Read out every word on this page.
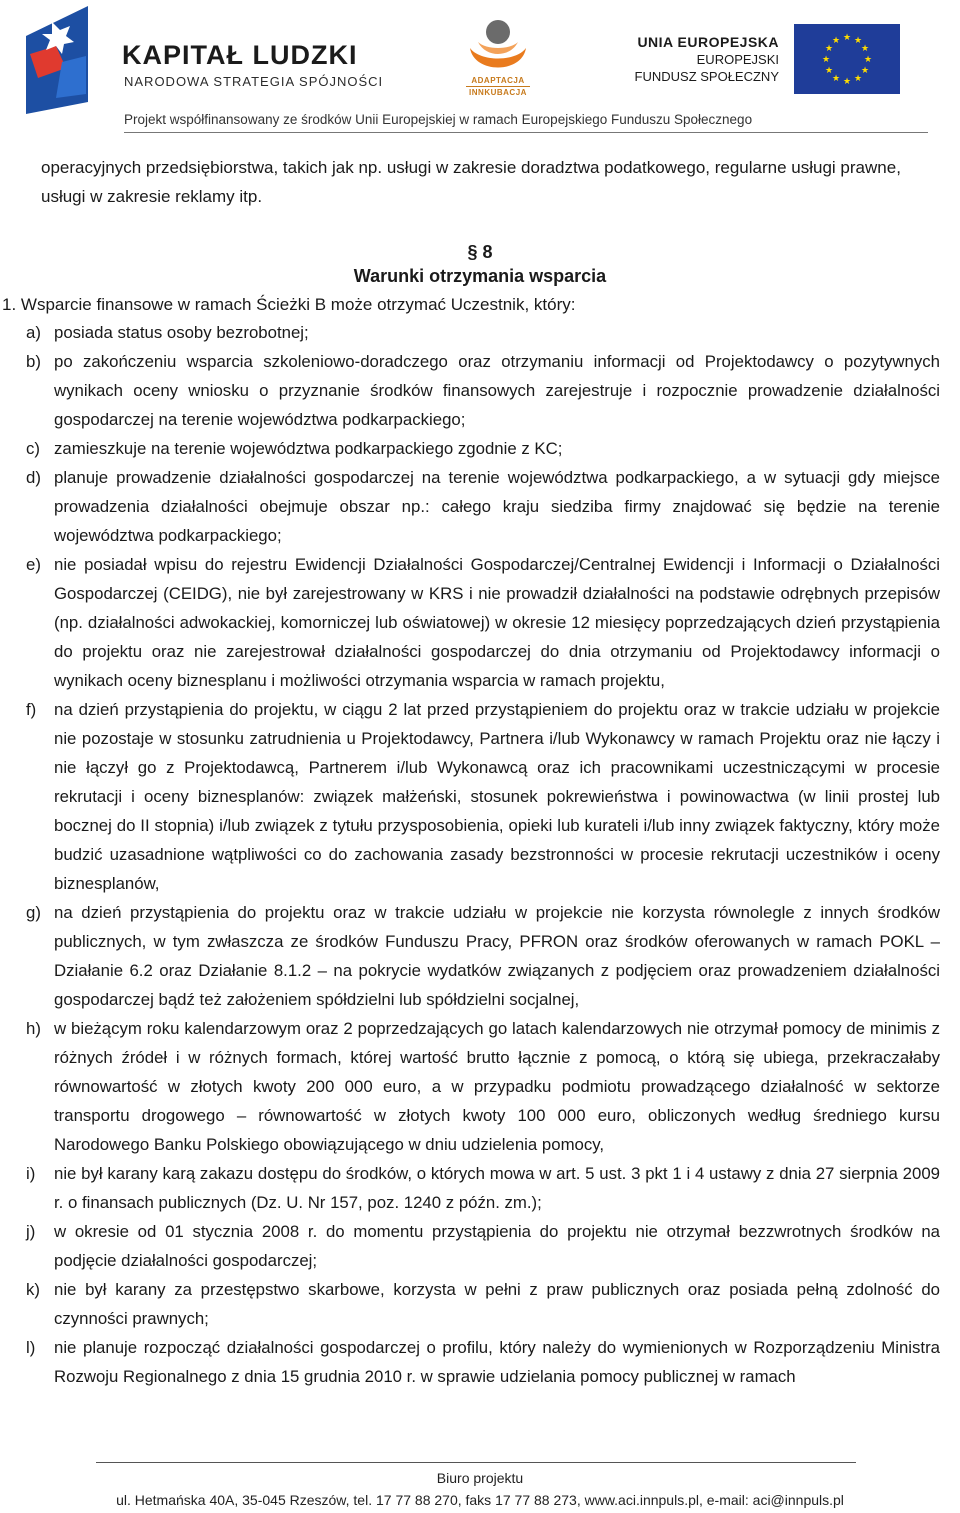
KAPITAŁ LUDZKI
NARODOWA STRATEGIA SPÓJNOŚCI	ADAPTACJA
INNKUBACJA
UNIA EUROPEJSKA
EUROPEJSKI
FUNDUSZ SPOŁECZNY
★ ★
★
★
★
★
★
★
★
★
★
★
Projekt współfinansowany ze środków Unii Europejskiej w ramach Europejskiego Funduszu Społecznego
operacyjnych przedsiębiorstwa, takich jak np. usługi w zakresie doradztwa podatkowego, regularne usługi prawne,
usługi w zakresie reklamy itp.
§ 8
Warunki otrzymania wsparcia
1. Wsparcie finansowe w ramach Ścieżki B może otrzymać Uczestnik, który:
a) posiada status osoby bezrobotnej;
b) po zakończeniu wsparcia szkoleniowo-doradczego oraz otrzymaniu informacji od Projektodawcy o pozytywnych wynikach oceny wniosku o przyznanie środków finansowych zarejestruje i rozpocznie prowadzenie działalności gospodarczej na terenie województwa podkarpackiego;
c) zamieszkuje na terenie województwa podkarpackiego zgodnie z KC;
d) planuje prowadzenie działalności gospodarczej na terenie województwa podkarpackiego, a w sytuacji gdy miejsce prowadzenia działalności obejmuje obszar np.: całego kraju siedziba firmy znajdować się będzie na terenie województwa podkarpackiego;
e) nie posiadał wpisu do rejestru Ewidencji Działalności Gospodarczej/Centralnej Ewidencji i Informacji o Działalności Gospodarczej (CEIDG), nie był zarejestrowany w KRS i nie prowadził działalności na podstawie odrębnych przepisów (np. działalności adwokackiej, komorniczej lub oświatowej) w okresie 12 miesięcy poprzedzających dzień przystąpienia do projektu oraz nie zarejestrował działalności gospodarczej do dnia otrzymaniu od Projektodawcy informacji o wynikach oceny biznesplanu i możliwości otrzymania wsparcia w ramach projektu,
f)	na dzień przystąpienia do projektu, w ciągu 2 lat przed przystąpieniem do projektu oraz w trakcie udziału w projekcie nie pozostaje w stosunku zatrudnienia u Projektodawcy, Partnera i/lub Wykonawcy w ramach Projektu oraz nie łączy i nie łączył go z Projektodawcą, Partnerem i/lub Wykonawcą oraz ich pracownikami uczestniczącymi w procesie rekrutacji i oceny biznesplanów: związek małżeński, stosunek pokrewieństwa i powinowactwa (w linii prostej lub bocznej do II stopnia) i/lub związek z tytułu przysposobienia, opieki lub kurateli i/lub inny związek faktyczny, który może budzić uzasadnione wątpliwości co do zachowania zasady bezstronności w procesie rekrutacji uczestników i oceny biznesplanów,
g) na dzień przystąpienia do projektu oraz w trakcie udziału w projekcie nie korzysta równolegle z innych środków publicznych, w tym zwłaszcza ze środków Funduszu Pracy, PFRON oraz środków oferowanych w ramach POKL – Działanie 6.2 oraz Działanie 8.1.2 – na pokrycie wydatków związanych z podjęciem oraz prowadzeniem działalności gospodarczej bądź też założeniem spółdzielni lub spółdzielni socjalnej,
h) w bieżącym roku kalendarzowym oraz 2 poprzedzających go latach kalendarzowych nie otrzymał pomocy de minimis z różnych źródeł i w różnych formach, której wartość brutto łącznie z pomocą, o którą się ubiega, przekraczałaby równowartość w złotych kwoty 200 000 euro, a w przypadku podmiotu prowadzącego działalność w sektorze transportu drogowego – równowartość w złotych kwoty 100 000 euro, obliczonych według średniego kursu Narodowego Banku Polskiego obowiązującego w dniu udzielenia pomocy,
i)	nie był karany karą zakazu dostępu do środków, o których mowa w art. 5 ust. 3 pkt 1 i 4 ustawy z dnia 27 sierpnia 2009 r. o finansach publicznych (Dz. U. Nr 157, poz. 1240 z późn. zm.);
j)	w okresie od 01 stycznia 2008 r. do momentu przystąpienia do projektu nie otrzymał bezzwrotnych środków na podjęcie działalności gospodarczej;
k) nie był karany za przestępstwo skarbowe, korzysta w pełni z praw publicznych oraz posiada pełną zdolność do czynności prawnych;
l)	nie planuje rozpocząć działalności gospodarczej o profilu, który należy do wymienionych w Rozporządzeniu Ministra Rozwoju Regionalnego z dnia 15 grudnia 2010 r. w sprawie udzielania pomocy publicznej w ramach
Biuro projektu
ul. Hetmańska 40A, 35-045 Rzeszów, tel. 17 77 88 270, faks 17 77 88 273, www.aci.innpuls.pl, e-mail: aci@innpuls.pl
